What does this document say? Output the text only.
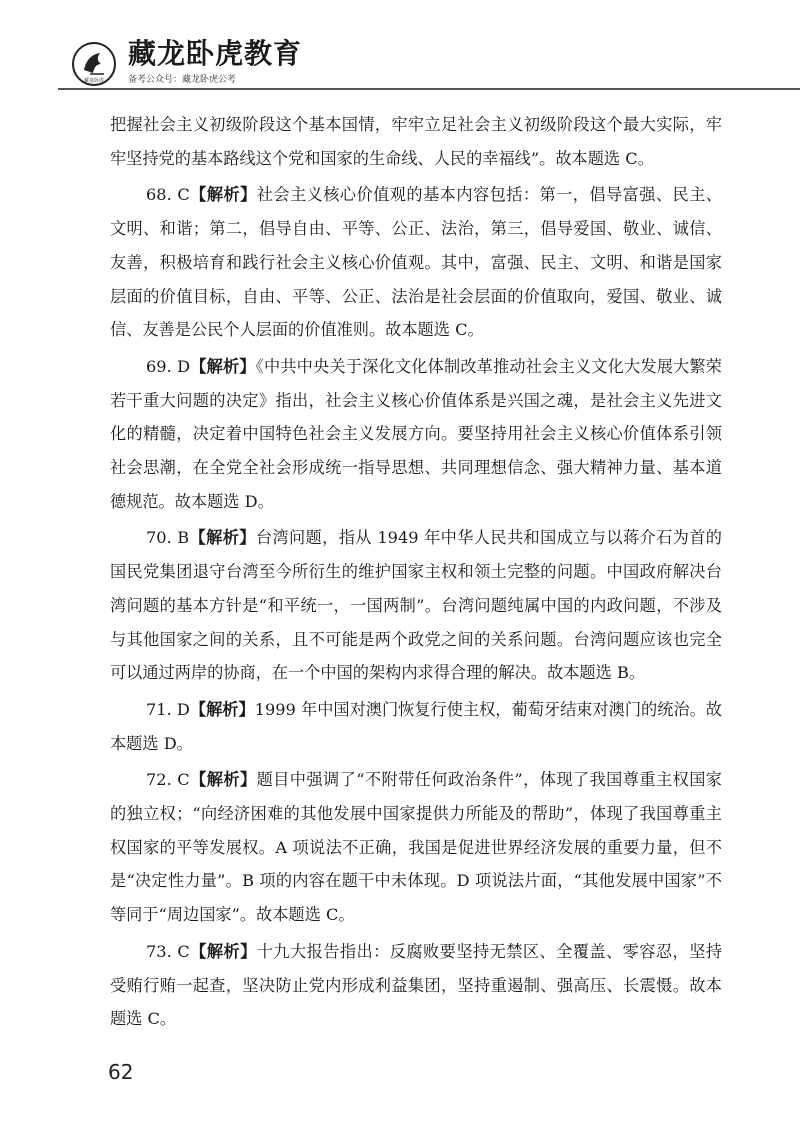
藏龙卧虎
藏龙卧虎教育
备考公众号：藏龙卧虎公考

把握社会主义初级阶段这个基本国情，牢牢立足社会主义初级阶段这个最大实际，牢牢坚持党的基本路线这个党和国家的生命线、人民的幸福线”。故本题选 C。

68. C【解析】社会主义核心价值观的基本内容包括：第一，倡导富强、民主、文明、和谐；第二，倡导自由、平等、公正、法治，第三，倡导爱国、敬业、诚信、友善，积极培育和践行社会主义核心价值观。其中，富强、民主、文明、和谐是国家层面的价值目标，自由、平等、公正、法治是社会层面的价值取向，爱国、敬业、诚信、友善是公民个人层面的价值准则。故本题选 C。

69. D【解析】《中共中央关于深化文化体制改革推动社会主义文化大发展大繁荣若干重大问题的决定》指出，社会主义核心价值体系是兴国之魂，是社会主义先进文化的精髓，决定着中国特色社会主义发展方向。要坚持用社会主义核心价值体系引领社会思潮，在全党全社会形成统一指导思想、共同理想信念、强大精神力量、基本道德规范。故本题选 D。

70. B【解析】台湾问题，指从 1949 年中华人民共和国成立与以蒋介石为首的国民党集团退守台湾至今所衍生的维护国家主权和领土完整的问题。中国政府解决台湾问题的基本方针是“和平统一，一国两制”。台湾问题纯属中国的内政问题，不涉及与其他国家之间的关系，且不可能是两个政党之间的关系问题。台湾问题应该也完全可以通过两岸的协商，在一个中国的架构内求得合理的解决。故本题选 B。

71. D【解析】1999 年中国对澳门恢复行使主权，葡萄牙结束对澳门的统治。故本题选 D。

72. C【解析】题目中强调了“不附带任何政治条件”，体现了我国尊重主权国家的独立权；“向经济困难的其他发展中国家提供力所能及的帮助”，体现了我国尊重主权国家的平等发展权。A 项说法不正确，我国是促进世界经济发展的重要力量，但不是“决定性力量”。B 项的内容在题干中未体现。D 项说法片面，“其他发展中国家”不等同于“周边国家”。故本题选 C。

73. C【解析】十九大报告指出：反腐败要坚持无禁区、全覆盖、零容忍，坚持受贿行贿一起查，坚决防止党内形成利益集团，坚持重遏制、强高压、长震慑。故本题选 C。

62
